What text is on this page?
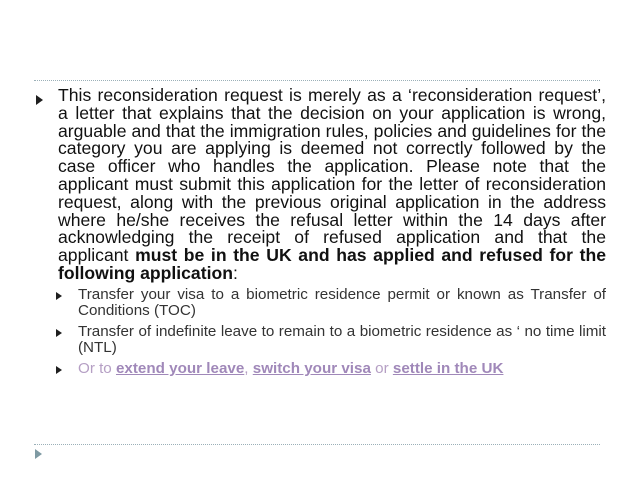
This reconsideration request is merely as a ‘reconsideration request’, a letter that explains that the decision on your application is wrong, arguable and that the immigration rules, policies and guidelines for the category you are applying is deemed not correctly followed by the case officer who handles the application. Please note that the applicant must submit this application for the letter of reconsideration request, along with the previous original application in the address where he/she receives the refusal letter within the 14 days after acknowledging the receipt of refused application and that the applicant must be in the UK and has applied and refused for the following application:
Transfer your visa to a biometric residence permit or known as Transfer of Conditions (TOC)
Transfer of indefinite leave to remain to a biometric residence as ‘ no time limit (NTL)
Or to extend your leave, switch your visa or settle in the UK
